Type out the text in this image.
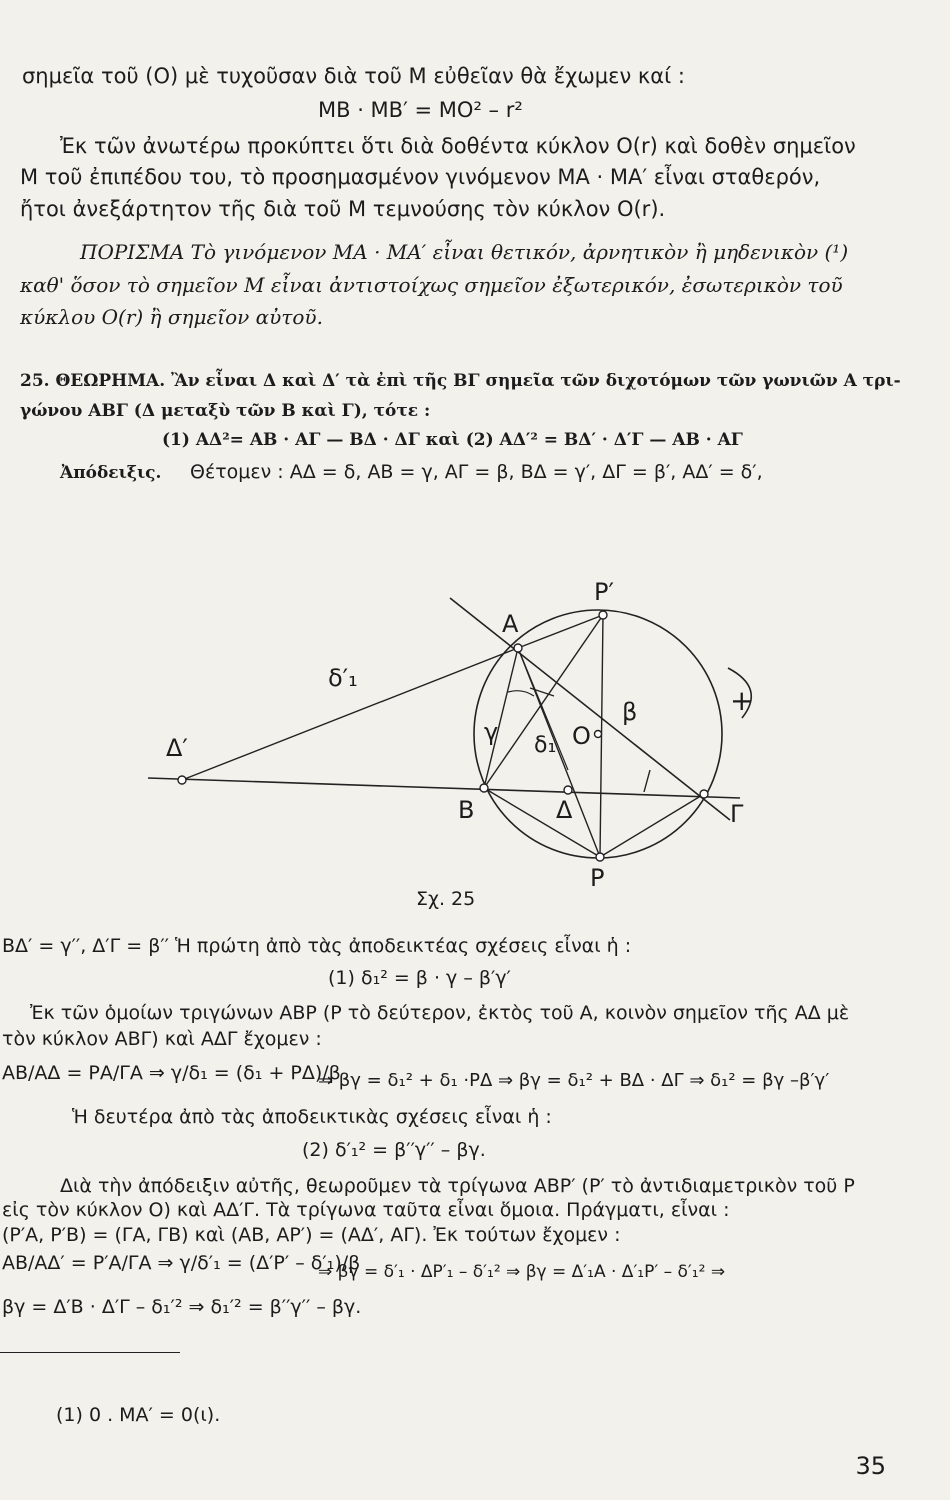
σημεῖα τοῦ (Ο) μὲ τυχοῦσαν διὰ τοῦ Μ εὐθεῖαν θὰ ἔχωμεν καί :
MB · MB′ = MO² – r²
Ἐκ τῶν ἀνωτέρω προκύπτει ὅτι διὰ δοθέντα κύκλον O(r) καὶ δοθὲν σημεῖον
Μ τοῦ ἐπιπέδου του, τὸ προσημασμένον γινόμενον ΜΑ · ΜΑ′ εἶναι σταθερόν,
ἤτοι ἀνεξάρτητον τῆς διὰ τοῦ Μ τεμνούσης τὸν κύκλον O(r).
ΠΟΡΙΣΜΑ Τὸ γινόμενον ΜΑ · ΜΑ′ εἶναι θετικόν, ἀρνητικὸν ἢ μηδενικὸν (¹)
καθ' ὅσον τὸ σημεῖον Μ εἶναι ἀντιστοίχως σημεῖον ἐξωτερικόν, ἐσωτερικὸν τοῦ
κύκλου O(r) ἢ σημεῖον αὐτοῦ.
25. ΘΕΩΡΗΜΑ. Ἂν εἶναι Δ καὶ Δ′ τὰ ἐπὶ τῆς ΒΓ σημεῖα τῶν διχοτόμων τῶν γωνιῶν Α τρι-
γώνου ΑΒΓ (Δ μεταξὺ τῶν Β καὶ Γ), τότε :
(1) ΑΔ²= ΑΒ · ΑΓ — ΒΔ · ΔΓ καὶ (2) ΑΔ′² = ΒΔ′ · Δ′Γ — ΑΒ · ΑΓ
Ἀπόδειξις. Θέτομεν : ΑΔ = δ, ΑΒ = γ, ΑΓ = β, ΒΔ = γ′, ΔΓ = β′, ΑΔ′ = δ′,
A
P′
δ′₁
Δ′
γ δ₁ O
β	+
B	Δ	Γ
P
Σχ. 25
ΒΔ′ = γ′′, Δ′Γ = β′′ Ἡ πρώτη ἀπὸ τὰς ἀποδεικτέας σχέσεις εἶναι ἡ :
(1) δ₁² = β · γ – β′γ′
Ἐκ τῶν ὁμοίων τριγώνων ΑΒΡ (Ρ τὸ δεύτερον, ἐκτὸς τοῦ Α, κοινὸν σημεῖον τῆς ΑΔ μὲ
τὸν κύκλον ΑΒΓ) καὶ ΑΔΓ ἔχομεν :
ΑΒ/ΑΔ = ΡΑ/ΓΑ ⇒ γ/δ₁ = (δ₁ + ΡΔ)/β
⇒ βγ = δ₁² + δ₁ ·ΡΔ ⇒ βγ = δ₁² + ΒΔ · ΔΓ ⇒ δ₁² = βγ –β′γ′
Ἡ δευτέρα ἀπὸ τὰς ἀποδεικτικὰς σχέσεις εἶναι ἡ :
(2) δ′₁² = β′′γ′′ – βγ.
Διὰ τὴν ἀπόδειξιν αὐτῆς, θεωροῦμεν τὰ τρίγωνα ΑΒΡ′ (Ρ′ τὸ ἀντιδιαμετρικὸν τοῦ Ρ
εἰς τὸν κύκλον Ο) καὶ ΑΔ′Γ. Τὰ τρίγωνα ταῦτα εἶναι ὅμοια. Πράγματι, εἶναι :
(Ρ′Α, Ρ′Β) = (ΓΑ, ΓΒ) καὶ (ΑΒ, ΑΡ′) = (ΑΔ′, ΑΓ). Ἐκ τούτων ἔχομεν :
ΑΒ/ΑΔ′ = Ρ′Α/ΓΑ ⇒ γ/δ′₁ = (Δ′Ρ′ – δ′₁)/β
⇒ βγ = δ′₁ · ΔΡ′₁ – δ′₁² ⇒ βγ = Δ′₁Α · Δ′₁Ρ′ – δ′₁² ⇒
βγ = Δ′Β · Δ′Γ – δ₁′² ⇒ δ₁′² = β′′γ′′ – βγ.
(1) 0 . ΜΑ′ = 0(ι).
35
